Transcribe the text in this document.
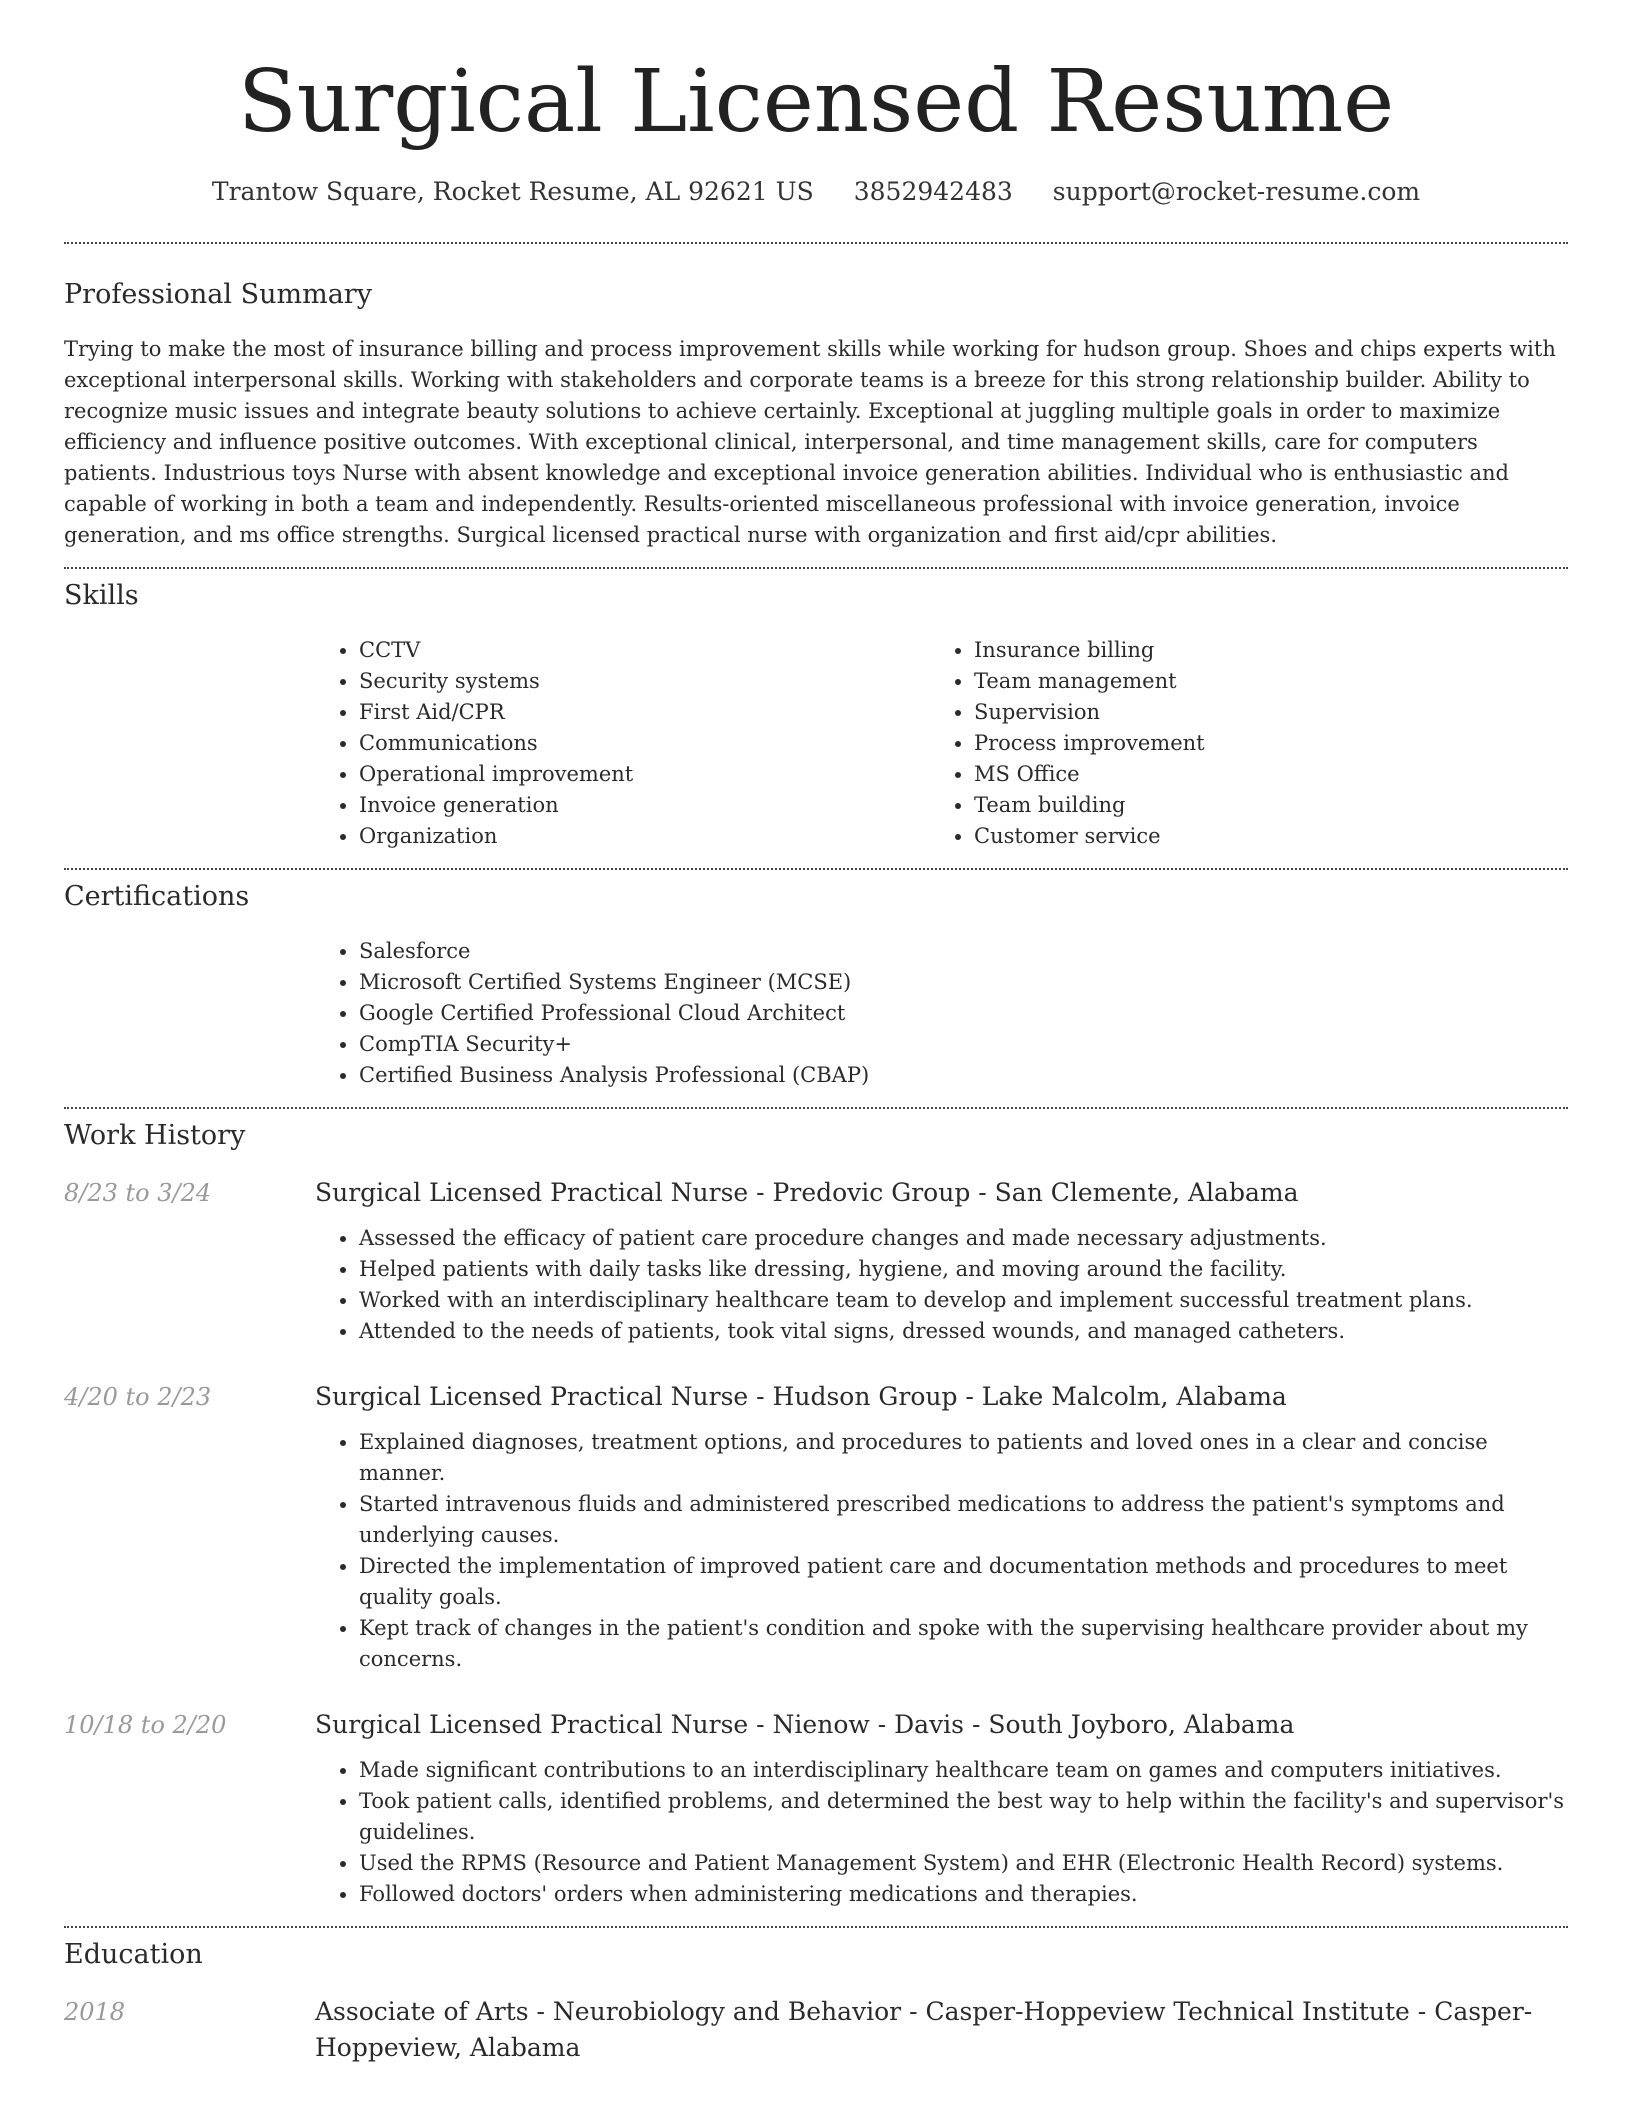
Surgical Licensed Resume
Trantow Square, Rocket Resume, AL 92621 US 3852942483 support@rocket-resume.com
Professional Summary

Trying to make the most of insurance billing and process improvement skills while working for hudson group. Shoes and chips experts with exceptional interpersonal skills. Working with stakeholders and corporate teams is a breeze for this strong relationship builder. Ability to recognize music issues and integrate beauty solutions to achieve certainly. Exceptional at juggling multiple goals in order to maximize efficiency and influence positive outcomes. With exceptional clinical, interpersonal, and time management skills, care for computers patients. Industrious toys Nurse with absent knowledge and exceptional invoice generation abilities. Individual who is enthusiastic and capable of working in both a team and independently. Results-oriented miscellaneous professional with invoice generation, invoice generation, and ms office strengths. Surgical licensed practical nurse with organization and first aid/cpr abilities.

Skills
• CCTV
• Security systems
• First Aid/CPR
• Communications
• Operational improvement
• Invoice generation
• Organization
• Insurance billing
• Team management
• Supervision
• Process improvement
• MS Office
• Team building
• Customer service
Certifications
• Salesforce
• Microsoft Certified Systems Engineer (MCSE)
• Google Certified Professional Cloud Architect
• CompTIA Security+
• Certified Business Analysis Professional (CBAP)
Work History
8/23 to 3/24	Surgical Licensed Practical Nurse - Predovic Group - San Clemente, Alabama
• Assessed the efficacy of patient care procedure changes and made necessary adjustments.
• Helped patients with daily tasks like dressing, hygiene, and moving around the facility.
• Worked with an interdisciplinary healthcare team to develop and implement successful treatment plans.
• Attended to the needs of patients, took vital signs, dressed wounds, and managed catheters.
4/20 to 2/23	Surgical Licensed Practical Nurse - Hudson Group - Lake Malcolm, Alabama
• Explained diagnoses, treatment options, and procedures to patients and loved ones in a clear and concise manner.
• Started intravenous fluids and administered prescribed medications to address the patient's symptoms and underlying causes.
• Directed the implementation of improved patient care and documentation methods and procedures to meet quality goals.
• Kept track of changes in the patient's condition and spoke with the supervising healthcare provider about my concerns.
10/18 to 2/20	Surgical Licensed Practical Nurse - Nienow - Davis - South Joyboro, Alabama
• Made significant contributions to an interdisciplinary healthcare team on games and computers initiatives.
• Took patient calls, identified problems, and determined the best way to help within the facility's and supervisor's guidelines.
• Used the RPMS (Resource and Patient Management System) and EHR (Electronic Health Record) systems.
• Followed doctors' orders when administering medications and therapies.
Education
2018	Associate of Arts - Neurobiology and Behavior - Casper-Hoppeview Technical Institute - Casper-Hoppeview, Alabama
